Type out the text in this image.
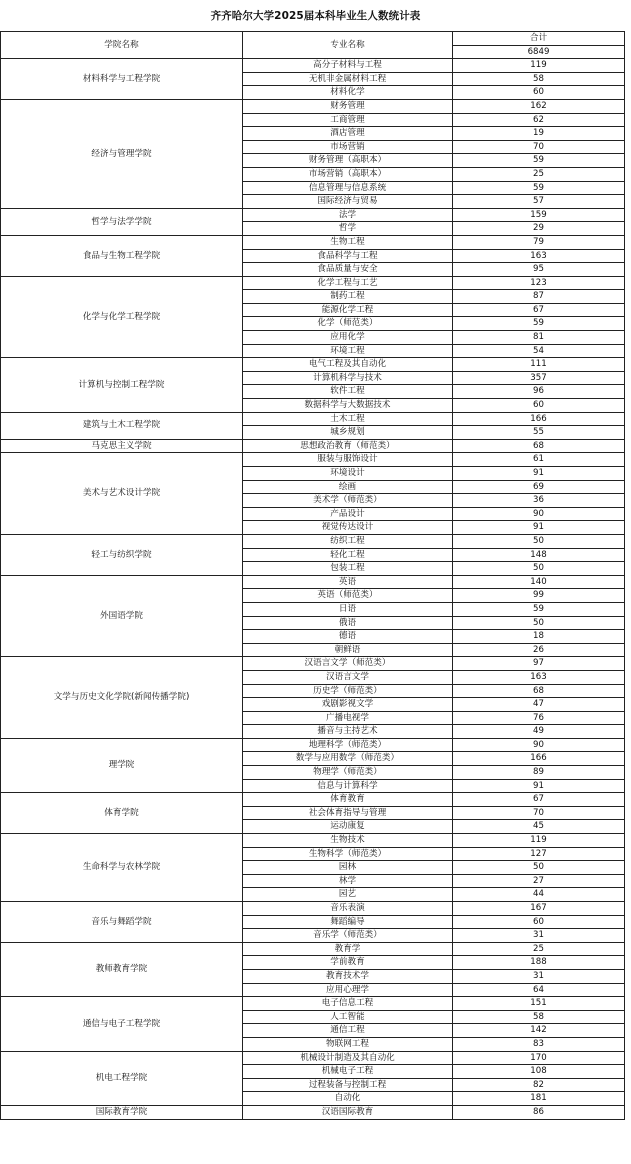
齐齐哈尔大学2025届本科毕业生人数统计表
学院名称	专业名称	合计
		6849
材料科学与工程学院	高分子材料与工程	119
	无机非金属材料工程	58
	材料化学	60
经济与管理学院	财务管理	162
	工商管理	62
	酒店管理	19
	市场营销	70
	财务管理（高职本）	59
	市场营销（高职本）	25
	信息管理与信息系统	59
	国际经济与贸易	57
哲学与法学学院	法学	159
	哲学	29
食品与生物工程学院	生物工程	79
	食品科学与工程	163
	食品质量与安全	95
化学与化学工程学院	化学工程与工艺	123
	制药工程	87
	能源化学工程	67
	化学（师范类）	59
	应用化学	81
	环境工程	54
计算机与控制工程学院	电气工程及其自动化	111
	计算机科学与技术	357
	软件工程	96
	数据科学与大数据技术	60
建筑与土木工程学院	土木工程	166
	城乡规划	55
马克思主义学院	思想政治教育（师范类）	68
美术与艺术设计学院	服装与服饰设计	61
	环境设计	91
	绘画	69
	美术学（师范类）	36
	产品设计	90
	视觉传达设计	91
轻工与纺织学院	纺织工程	50
	轻化工程	148
	包装工程	50
外国语学院	英语	140
	英语（师范类）	99
	日语	59
	俄语	50
	德语	18
	朝鲜语	26
文学与历史文化学院(新闻传播学院)	汉语言文学（师范类）	97
	汉语言文学	163
	历史学（师范类）	68
	戏剧影视文学	47
	广播电视学	76
	播音与主持艺术	49
理学院	地理科学（师范类）	90
	数学与应用数学（师范类）	166
	物理学（师范类）	89
	信息与计算科学	91
体育学院	体育教育	67
	社会体育指导与管理	70
	运动康复	45
生命科学与农林学院	生物技术	119
	生物科学（师范类）	127
	园林	50
	林学	27
	园艺	44
音乐与舞蹈学院	音乐表演	167
	舞蹈编导	60
	音乐学（师范类）	31
教师教育学院	教育学	25
	学前教育	188
	教育技术学	31
	应用心理学	64
通信与电子工程学院	电子信息工程	151
	人工智能	58
	通信工程	142
	物联网工程	83
机电工程学院	机械设计制造及其自动化	170
	机械电子工程	108
	过程装备与控制工程	82
	自动化	181
国际教育学院	汉语国际教育	86
